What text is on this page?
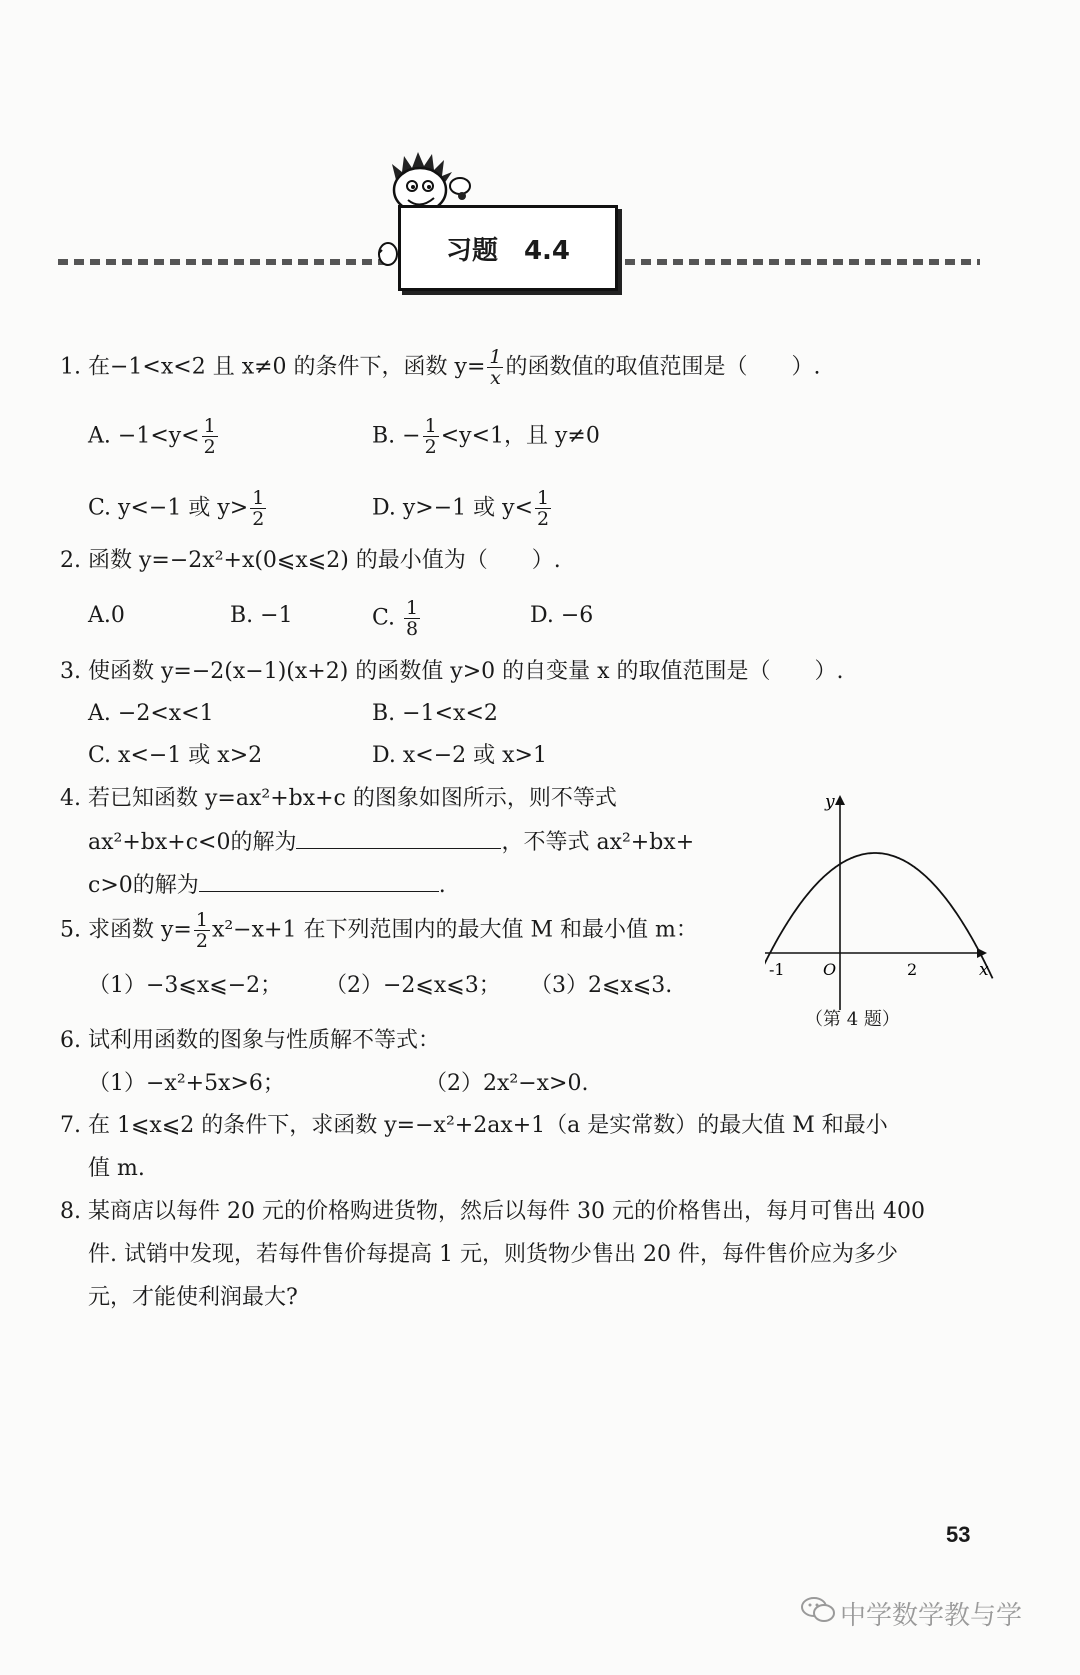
习题　4.4
1. 在−1<x<2 且 x≠0 的条件下，函数 $y= \frac{1}{x}$ 的函数值的取值范围是（　　）.
A. $-1<y< \frac{1}{2}$	B. − $\frac{1}{2} <y<1$，且 y≠0
C. y<−1 或 $y> \frac{1}{2}$	D. y>−1 或 $y< \frac{1}{2}$
2. 函数 y=−2x²+x(0⩽x⩽2) 的最小值为（　　）.
A.0	B. −1	C. $\frac{1}{8}$	D. −6
3. 使函数 y=−2(x−1)(x+2) 的函数值 y>0 的自变量 x 的取值范围是（　　）.
A. −2<x<1	B. −1<x<2
C. x<−1 或 x>2	D. x<−2 或 x>1
4. 若已知函数 y=ax²+bx+c 的图象如图所示，则不等式
ax²+bx+c<0的解为	，不等式 ax²+bx+
c>0的解为	.
y
x
O
-1	2
（第 4 题）
5. 求函数 $y= \frac{1}{2} x^2-x+1$ 在下列范围内的最大值 M 和最小值 m：
（1）−3⩽x⩽−2； （2）−2⩽x⩽3； （3）2⩽x⩽3.
6. 试利用函数的图象与性质解不等式：
（1）−x²+5x>6；	（2）2x²−x>0.
7. 在 1⩽x⩽2 的条件下，求函数 y=−x²+2ax+1（a 是实常数）的最大值 M 和最小
值 m.
8. 某商店以每件 20 元的价格购进货物，然后以每件 30 元的价格售出，每月可售出 400
件. 试销中发现，若每件售价每提高 1 元，则货物少售出 20 件，每件售价应为多少
元，才能使利润最大?
53
中学数学教与学
